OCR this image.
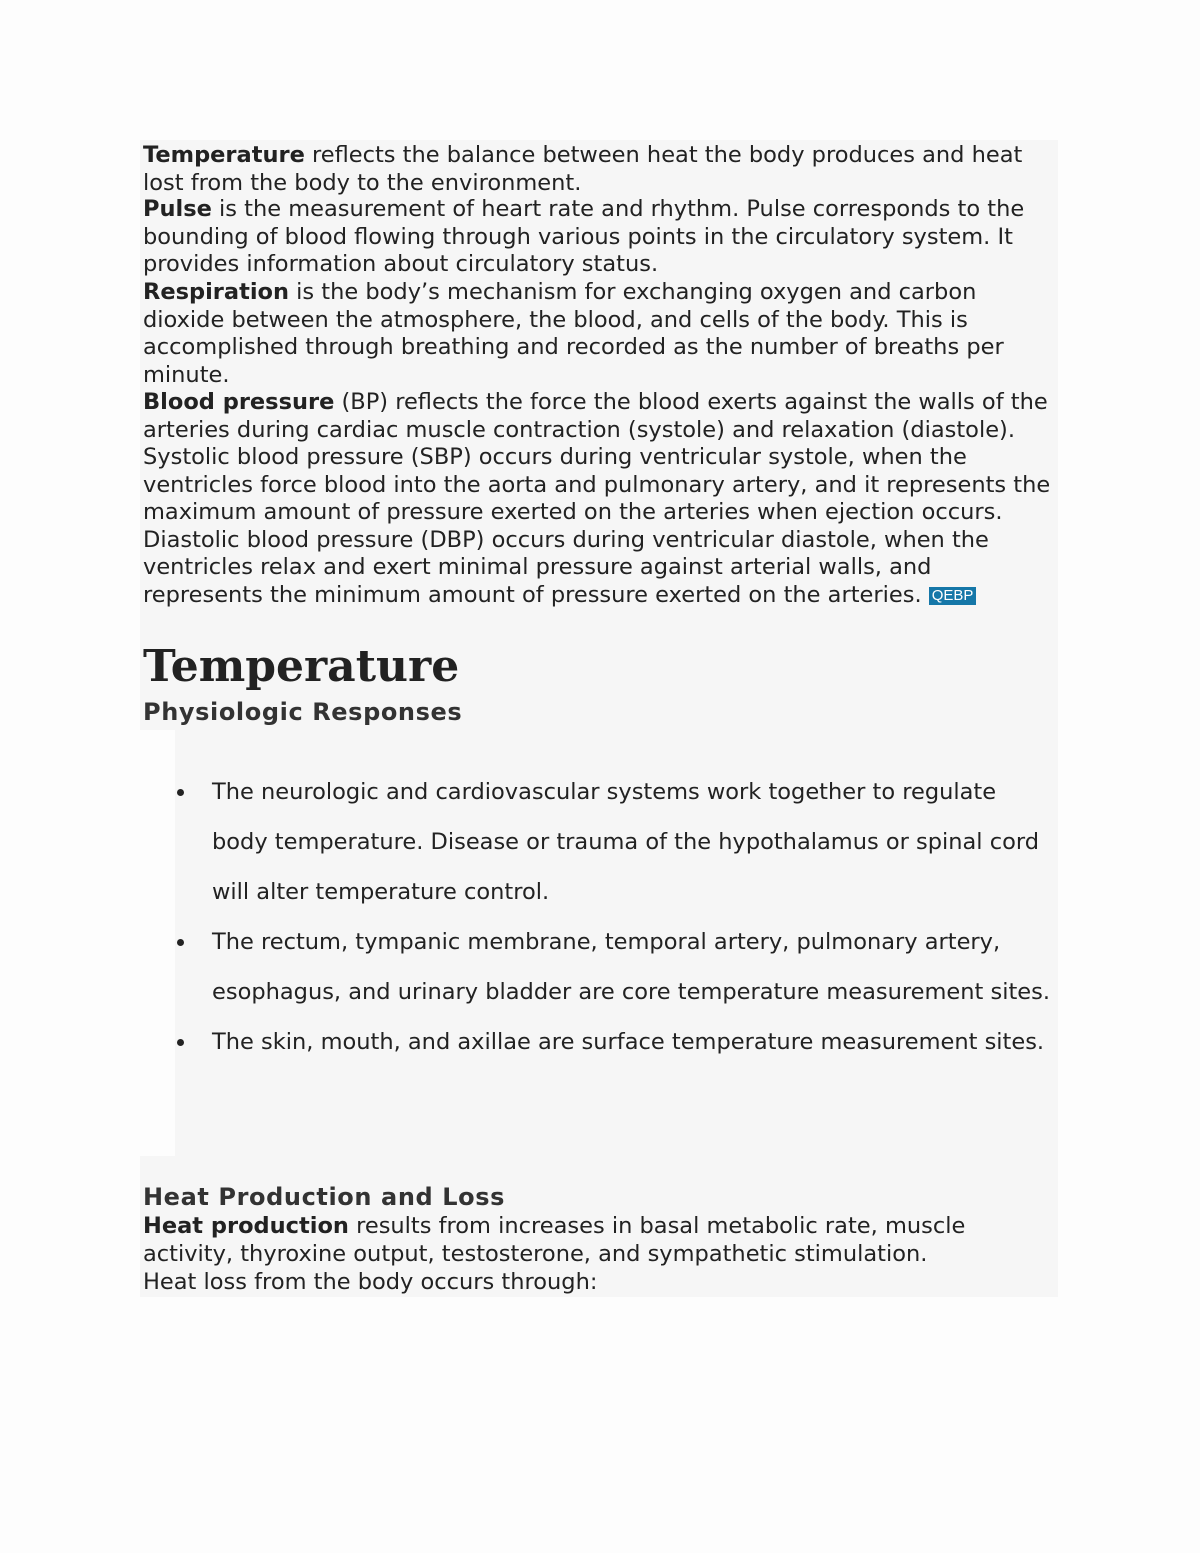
Temperature reflects the balance between heat the body produces and heat lost from the body to the environment.

Pulse is the measurement of heart rate and rhythm. Pulse corresponds to the bounding of blood flowing through various points in the circulatory system. It provides information about circulatory status.

Respiration is the body’s mechanism for exchanging oxygen and carbon dioxide between the atmosphere, the blood, and cells of the body. This is accomplished through breathing and recorded as the number of breaths per minute.

Blood pressure (BP) reflects the force the blood exerts against the walls of the arteries during cardiac muscle contraction (systole) and relaxation (diastole). Systolic blood pressure (SBP) occurs during ventricular systole, when the ventricles force blood into the aorta and pulmonary artery, and it represents the maximum amount of pressure exerted on the arteries when ejection occurs. Diastolic blood pressure (DBP) occurs during ventricular diastole, when the ventricles relax and exert minimal pressure against arterial walls, and represents the minimum amount of pressure exerted on the arteries. QEBP

Temperature
Physiologic Responses
The neurologic and cardiovascular systems work together to regulate body temperature. Disease or trauma of the hypothalamus or spinal cord will alter temperature control.
The rectum, tympanic membrane, temporal artery, pulmonary artery, esophagus, and urinary bladder are core temperature measurement sites.
The skin, mouth, and axillae are surface temperature measurement sites.
Heat Production and Loss

Heat production results from increases in basal metabolic rate, muscle activity, thyroxine output, testosterone, and sympathetic stimulation.

Heat loss from the body occurs through:
